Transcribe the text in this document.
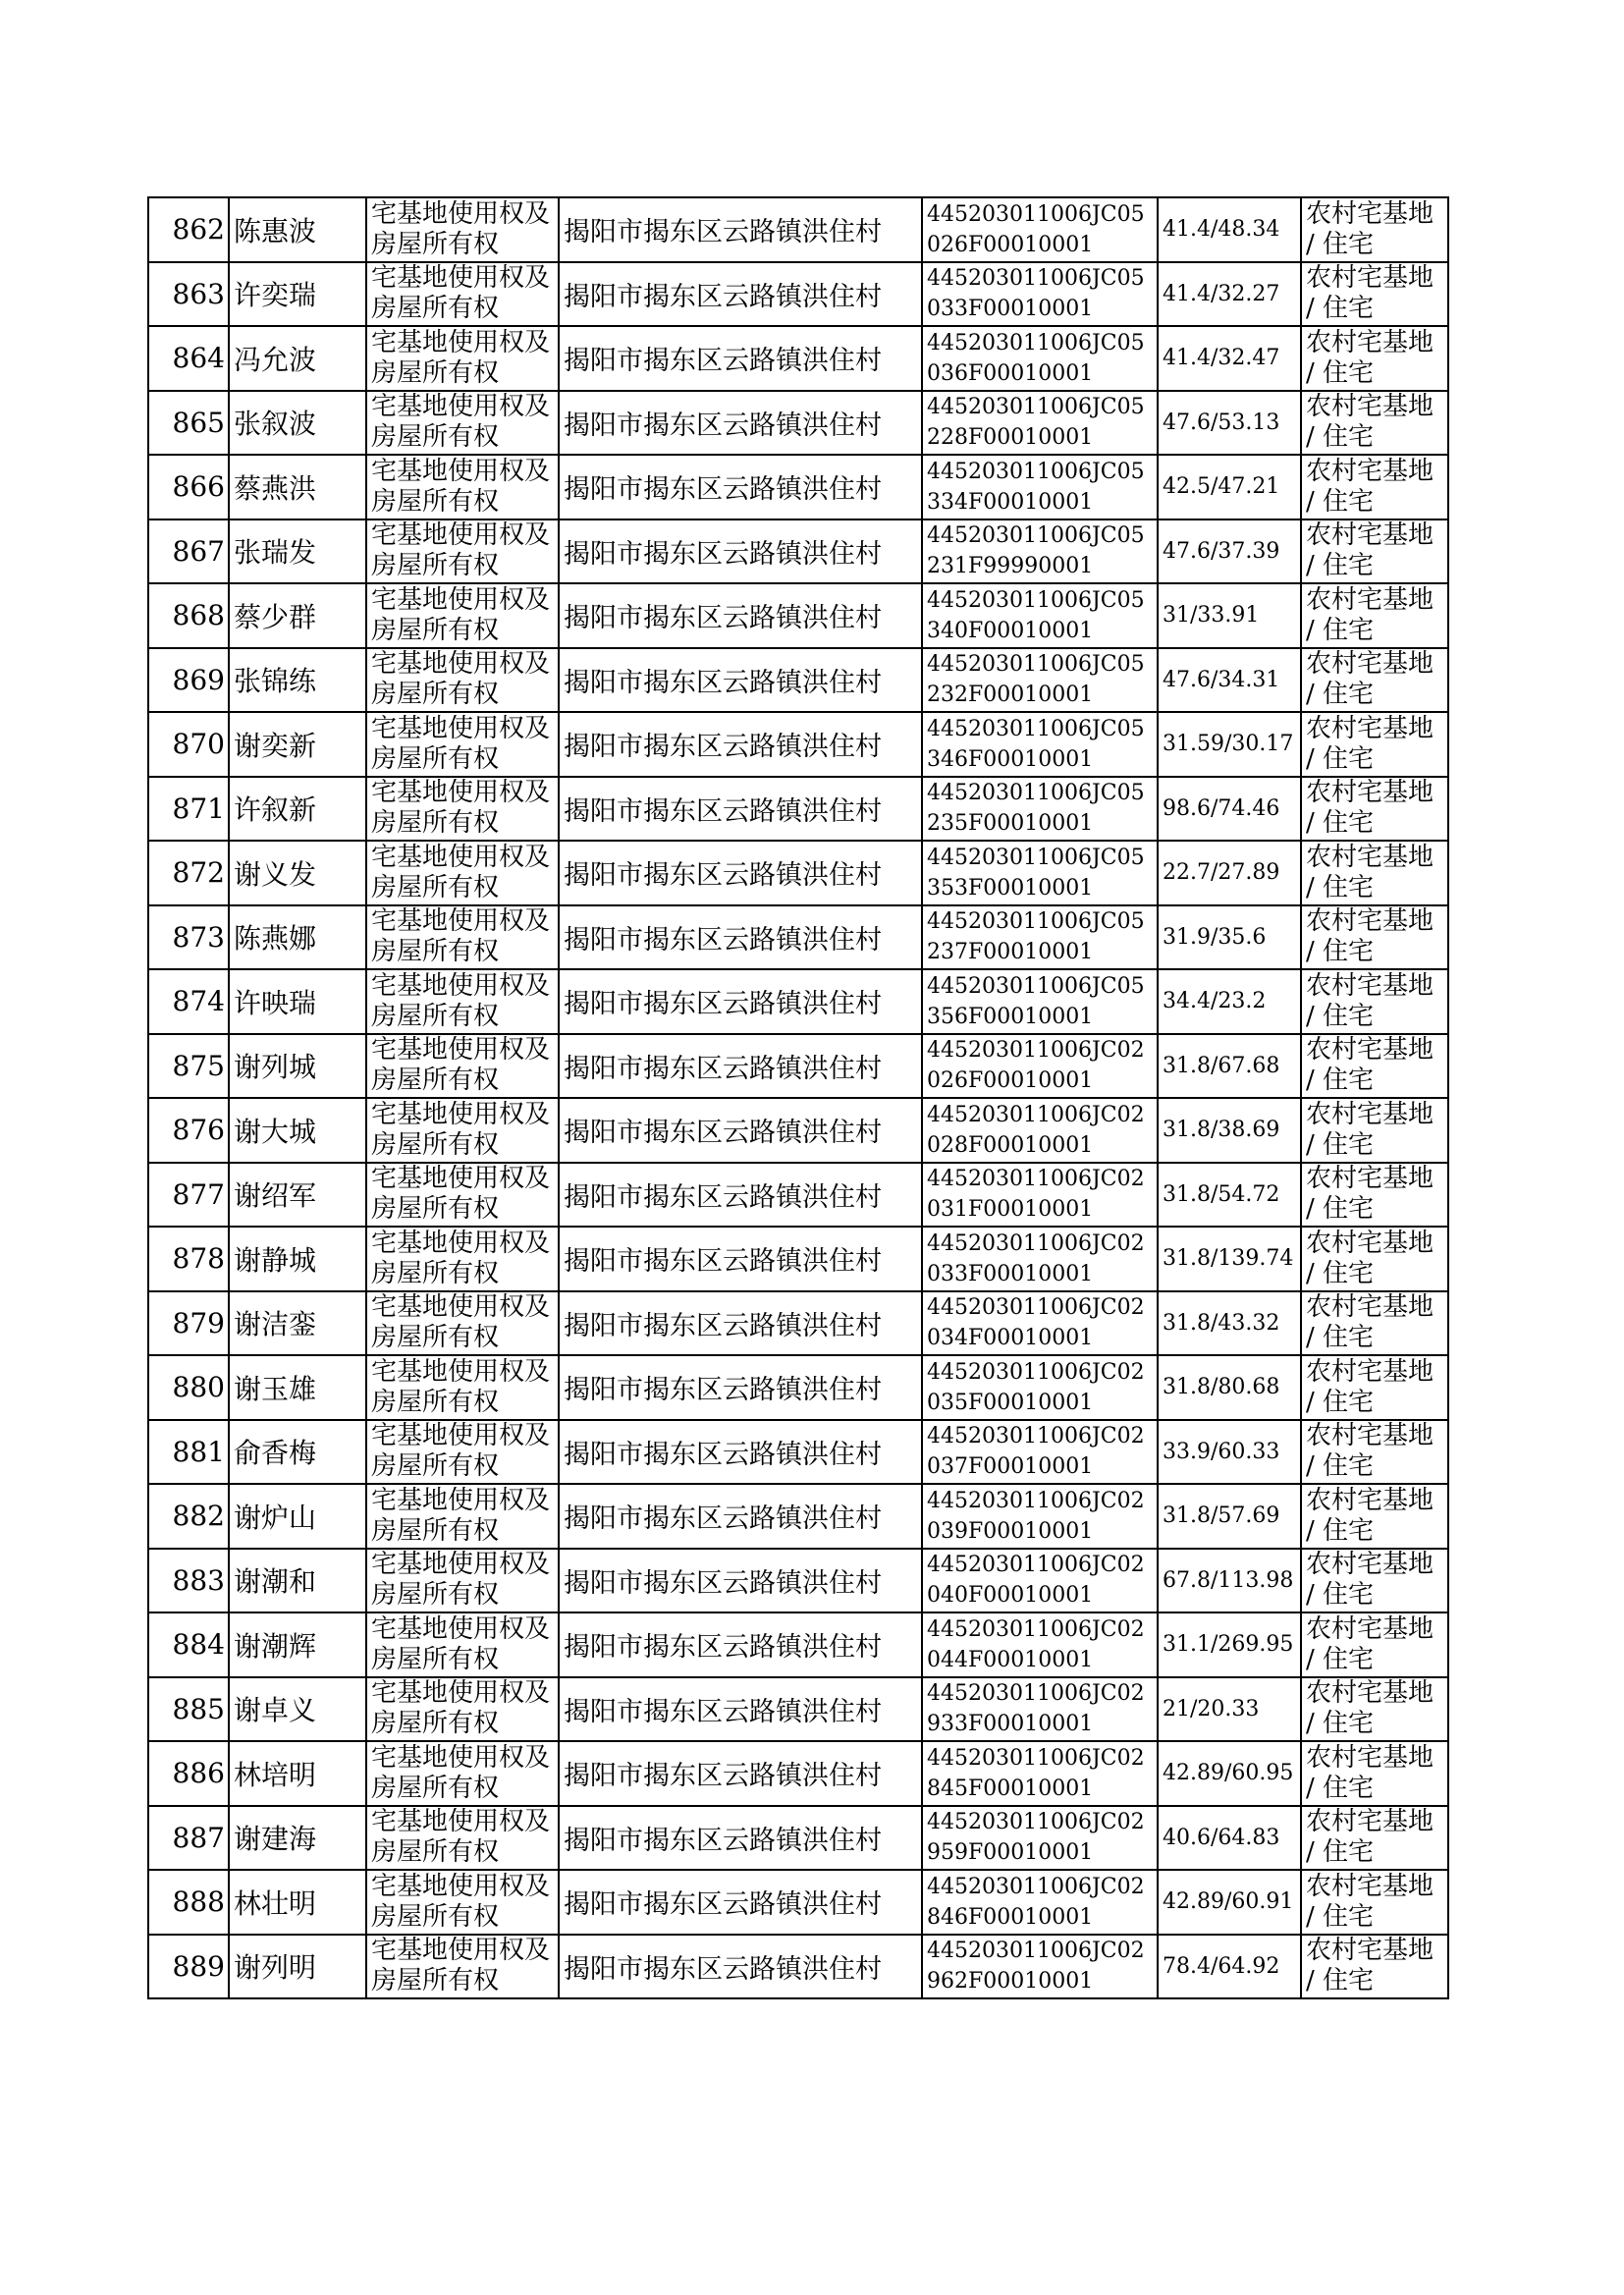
862	陈惠波	宅基地使用权及房屋所有权	揭阳市揭东区云路镇洪住村	445203011006JC05026F00010001	41.4/48.34	农村宅基地 / 住宅
863	许奕瑞	宅基地使用权及房屋所有权	揭阳市揭东区云路镇洪住村	445203011006JC05033F00010001	41.4/32.27	农村宅基地 / 住宅
864	冯允波	宅基地使用权及房屋所有权	揭阳市揭东区云路镇洪住村	445203011006JC05036F00010001	41.4/32.47	农村宅基地 / 住宅
865	张叙波	宅基地使用权及房屋所有权	揭阳市揭东区云路镇洪住村	445203011006JC05228F00010001	47.6/53.13	农村宅基地 / 住宅
866	蔡燕洪	宅基地使用权及房屋所有权	揭阳市揭东区云路镇洪住村	445203011006JC05334F00010001	42.5/47.21	农村宅基地 / 住宅
867	张瑞发	宅基地使用权及房屋所有权	揭阳市揭东区云路镇洪住村	445203011006JC05231F99990001	47.6/37.39	农村宅基地 / 住宅
868	蔡少群	宅基地使用权及房屋所有权	揭阳市揭东区云路镇洪住村	445203011006JC05340F00010001	31/33.91	农村宅基地 / 住宅
869	张锦练	宅基地使用权及房屋所有权	揭阳市揭东区云路镇洪住村	445203011006JC05232F00010001	47.6/34.31	农村宅基地 / 住宅
870	谢奕新	宅基地使用权及房屋所有权	揭阳市揭东区云路镇洪住村	445203011006JC05346F00010001	31.59/30.17	农村宅基地 / 住宅
871	许叙新	宅基地使用权及房屋所有权	揭阳市揭东区云路镇洪住村	445203011006JC05235F00010001	98.6/74.46	农村宅基地 / 住宅
872	谢义发	宅基地使用权及房屋所有权	揭阳市揭东区云路镇洪住村	445203011006JC05353F00010001	22.7/27.89	农村宅基地 / 住宅
873	陈燕娜	宅基地使用权及房屋所有权	揭阳市揭东区云路镇洪住村	445203011006JC05237F00010001	31.9/35.6	农村宅基地 / 住宅
874	许映瑞	宅基地使用权及房屋所有权	揭阳市揭东区云路镇洪住村	445203011006JC05356F00010001	34.4/23.2	农村宅基地 / 住宅
875	谢列城	宅基地使用权及房屋所有权	揭阳市揭东区云路镇洪住村	445203011006JC02026F00010001	31.8/67.68	农村宅基地 / 住宅
876	谢大城	宅基地使用权及房屋所有权	揭阳市揭东区云路镇洪住村	445203011006JC02028F00010001	31.8/38.69	农村宅基地 / 住宅
877	谢绍军	宅基地使用权及房屋所有权	揭阳市揭东区云路镇洪住村	445203011006JC02031F00010001	31.8/54.72	农村宅基地 / 住宅
878	谢静城	宅基地使用权及房屋所有权	揭阳市揭东区云路镇洪住村	445203011006JC02033F00010001	31.8/139.74	农村宅基地 / 住宅
879	谢洁銮	宅基地使用权及房屋所有权	揭阳市揭东区云路镇洪住村	445203011006JC02034F00010001	31.8/43.32	农村宅基地 / 住宅
880	谢玉雄	宅基地使用权及房屋所有权	揭阳市揭东区云路镇洪住村	445203011006JC02035F00010001	31.8/80.68	农村宅基地 / 住宅
881	俞香梅	宅基地使用权及房屋所有权	揭阳市揭东区云路镇洪住村	445203011006JC02037F00010001	33.9/60.33	农村宅基地 / 住宅
882	谢炉山	宅基地使用权及房屋所有权	揭阳市揭东区云路镇洪住村	445203011006JC02039F00010001	31.8/57.69	农村宅基地 / 住宅
883	谢潮和	宅基地使用权及房屋所有权	揭阳市揭东区云路镇洪住村	445203011006JC02040F00010001	67.8/113.98	农村宅基地 / 住宅
884	谢潮辉	宅基地使用权及房屋所有权	揭阳市揭东区云路镇洪住村	445203011006JC02044F00010001	31.1/269.95	农村宅基地 / 住宅
885	谢卓义	宅基地使用权及房屋所有权	揭阳市揭东区云路镇洪住村	445203011006JC02933F00010001	21/20.33	农村宅基地 / 住宅
886	林培明	宅基地使用权及房屋所有权	揭阳市揭东区云路镇洪住村	445203011006JC02845F00010001	42.89/60.95	农村宅基地 / 住宅
887	谢建海	宅基地使用权及房屋所有权	揭阳市揭东区云路镇洪住村	445203011006JC02959F00010001	40.6/64.83	农村宅基地 / 住宅
888	林壮明	宅基地使用权及房屋所有权	揭阳市揭东区云路镇洪住村	445203011006JC02846F00010001	42.89/60.91	农村宅基地 / 住宅
889	谢列明	宅基地使用权及房屋所有权	揭阳市揭东区云路镇洪住村	445203011006JC02962F00010001	78.4/64.92	农村宅基地 / 住宅
